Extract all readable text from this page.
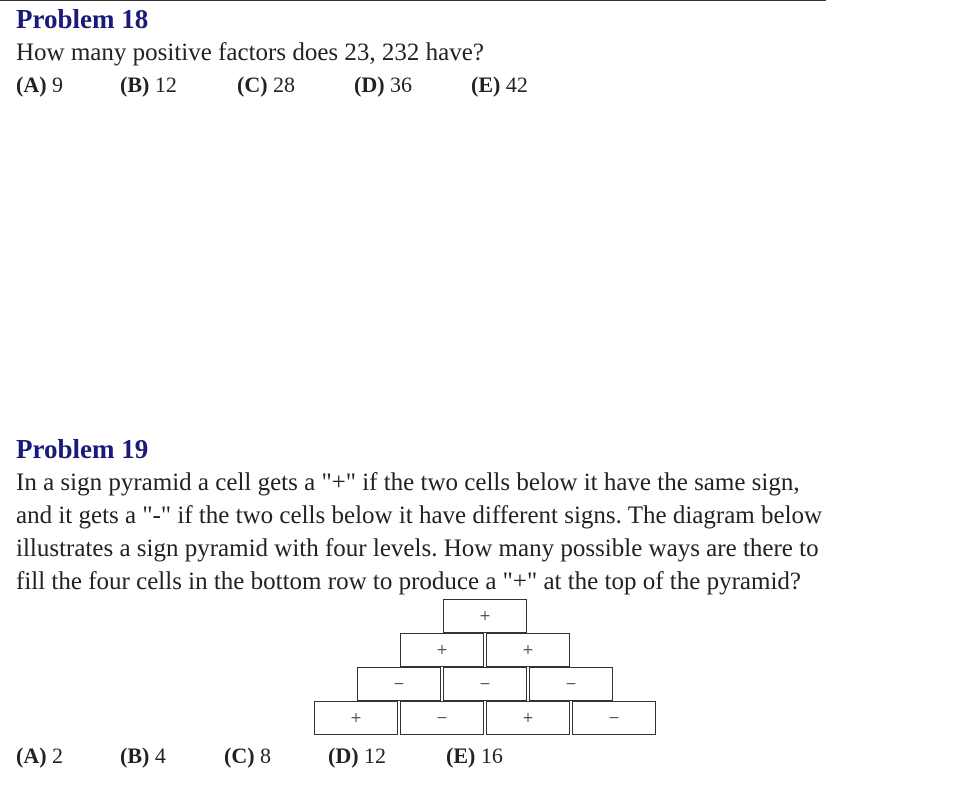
Problem 18

How many positive factors does 23, 232 have?

(A) 9	(B) 12	(C) 28	(D) 36	(E) 42

Problem 19

In a sign pyramid a cell gets a "+" if the two cells below it have the same sign,

and it gets a "-" if the two cells below it have different signs. The diagram below

illustrates a sign pyramid with four levels. How many possible ways are there to

fill the four cells in the bottom row to produce a "+" at the top of the pyramid?

+
+	+
−	−	−
+	−	+	−
(A) 2	(B) 4	(C) 8	(D) 12	(E) 16
